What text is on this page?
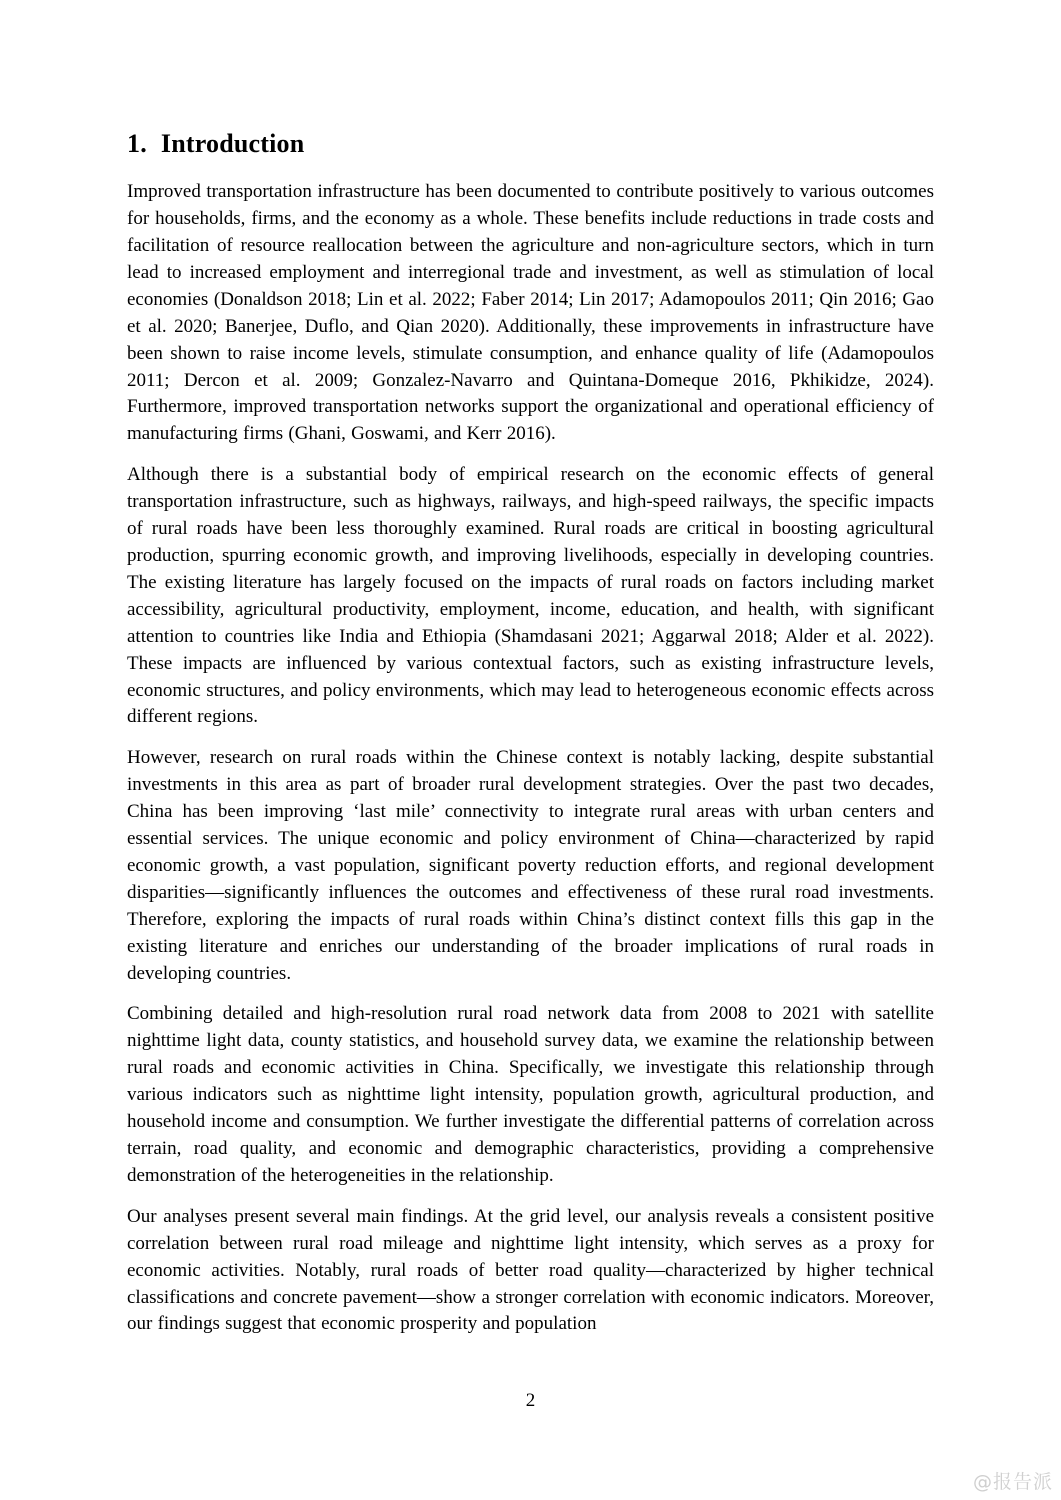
1. Introduction

Improved transportation infrastructure has been documented to contribute positively to various outcomes for households, firms, and the economy as a whole. These benefits include reductions in trade costs and facilitation of resource reallocation between the agriculture and non-agriculture sectors, which in turn lead to increased employment and interregional trade and investment, as well as stimulation of local economies (Donaldson 2018; Lin et al. 2022; Faber 2014; Lin 2017; Adamopoulos 2011; Qin 2016; Gao et al. 2020; Banerjee, Duflo, and Qian 2020). Additionally, these improvements in infrastructure have been shown to raise income levels, stimulate consumption, and enhance quality of life (Adamopoulos 2011; Dercon et al. 2009; Gonzalez-Navarro and Quintana-Domeque 2016, Pkhikidze, 2024). Furthermore, improved transportation networks support the organizational and operational efficiency of manufacturing firms (Ghani, Goswami, and Kerr 2016).

Although there is a substantial body of empirical research on the economic effects of general transportation infrastructure, such as highways, railways, and high-speed railways, the specific impacts of rural roads have been less thoroughly examined. Rural roads are critical in boosting agricultural production, spurring economic growth, and improving livelihoods, especially in developing countries. The existing literature has largely focused on the impacts of rural roads on factors including market accessibility, agricultural productivity, employment, income, education, and health, with significant attention to countries like India and Ethiopia (Shamdasani 2021; Aggarwal 2018; Alder et al. 2022). These impacts are influenced by various contextual factors, such as existing infrastructure levels, economic structures, and policy environments, which may lead to heterogeneous economic effects across different regions.

However, research on rural roads within the Chinese context is notably lacking, despite substantial investments in this area as part of broader rural development strategies. Over the past two decades, China has been improving ‘last mile’ connectivity to integrate rural areas with urban centers and essential services. The unique economic and policy environment of China—characterized by rapid economic growth, a vast population, significant poverty reduction efforts, and regional development disparities—significantly influences the outcomes and effectiveness of these rural road investments. Therefore, exploring the impacts of rural roads within China’s distinct context fills this gap in the existing literature and enriches our understanding of the broader implications of rural roads in developing countries.

Combining detailed and high-resolution rural road network data from 2008 to 2021 with satellite nighttime light data, county statistics, and household survey data, we examine the relationship between rural roads and economic activities in China. Specifically, we investigate this relationship through various indicators such as nighttime light intensity, population growth, agricultural production, and household income and consumption. We further investigate the differential patterns of correlation across terrain, road quality, and economic and demographic characteristics, providing a comprehensive demonstration of the heterogeneities in the relationship.

Our analyses present several main findings. At the grid level, our analysis reveals a consistent positive correlation between rural road mileage and nighttime light intensity, which serves as a proxy for economic activities. Notably, rural roads of better road quality—characterized by higher technical classifications and concrete pavement—show a stronger correlation with economic indicators. Moreover, our findings suggest that economic prosperity and population

2
@报告派
